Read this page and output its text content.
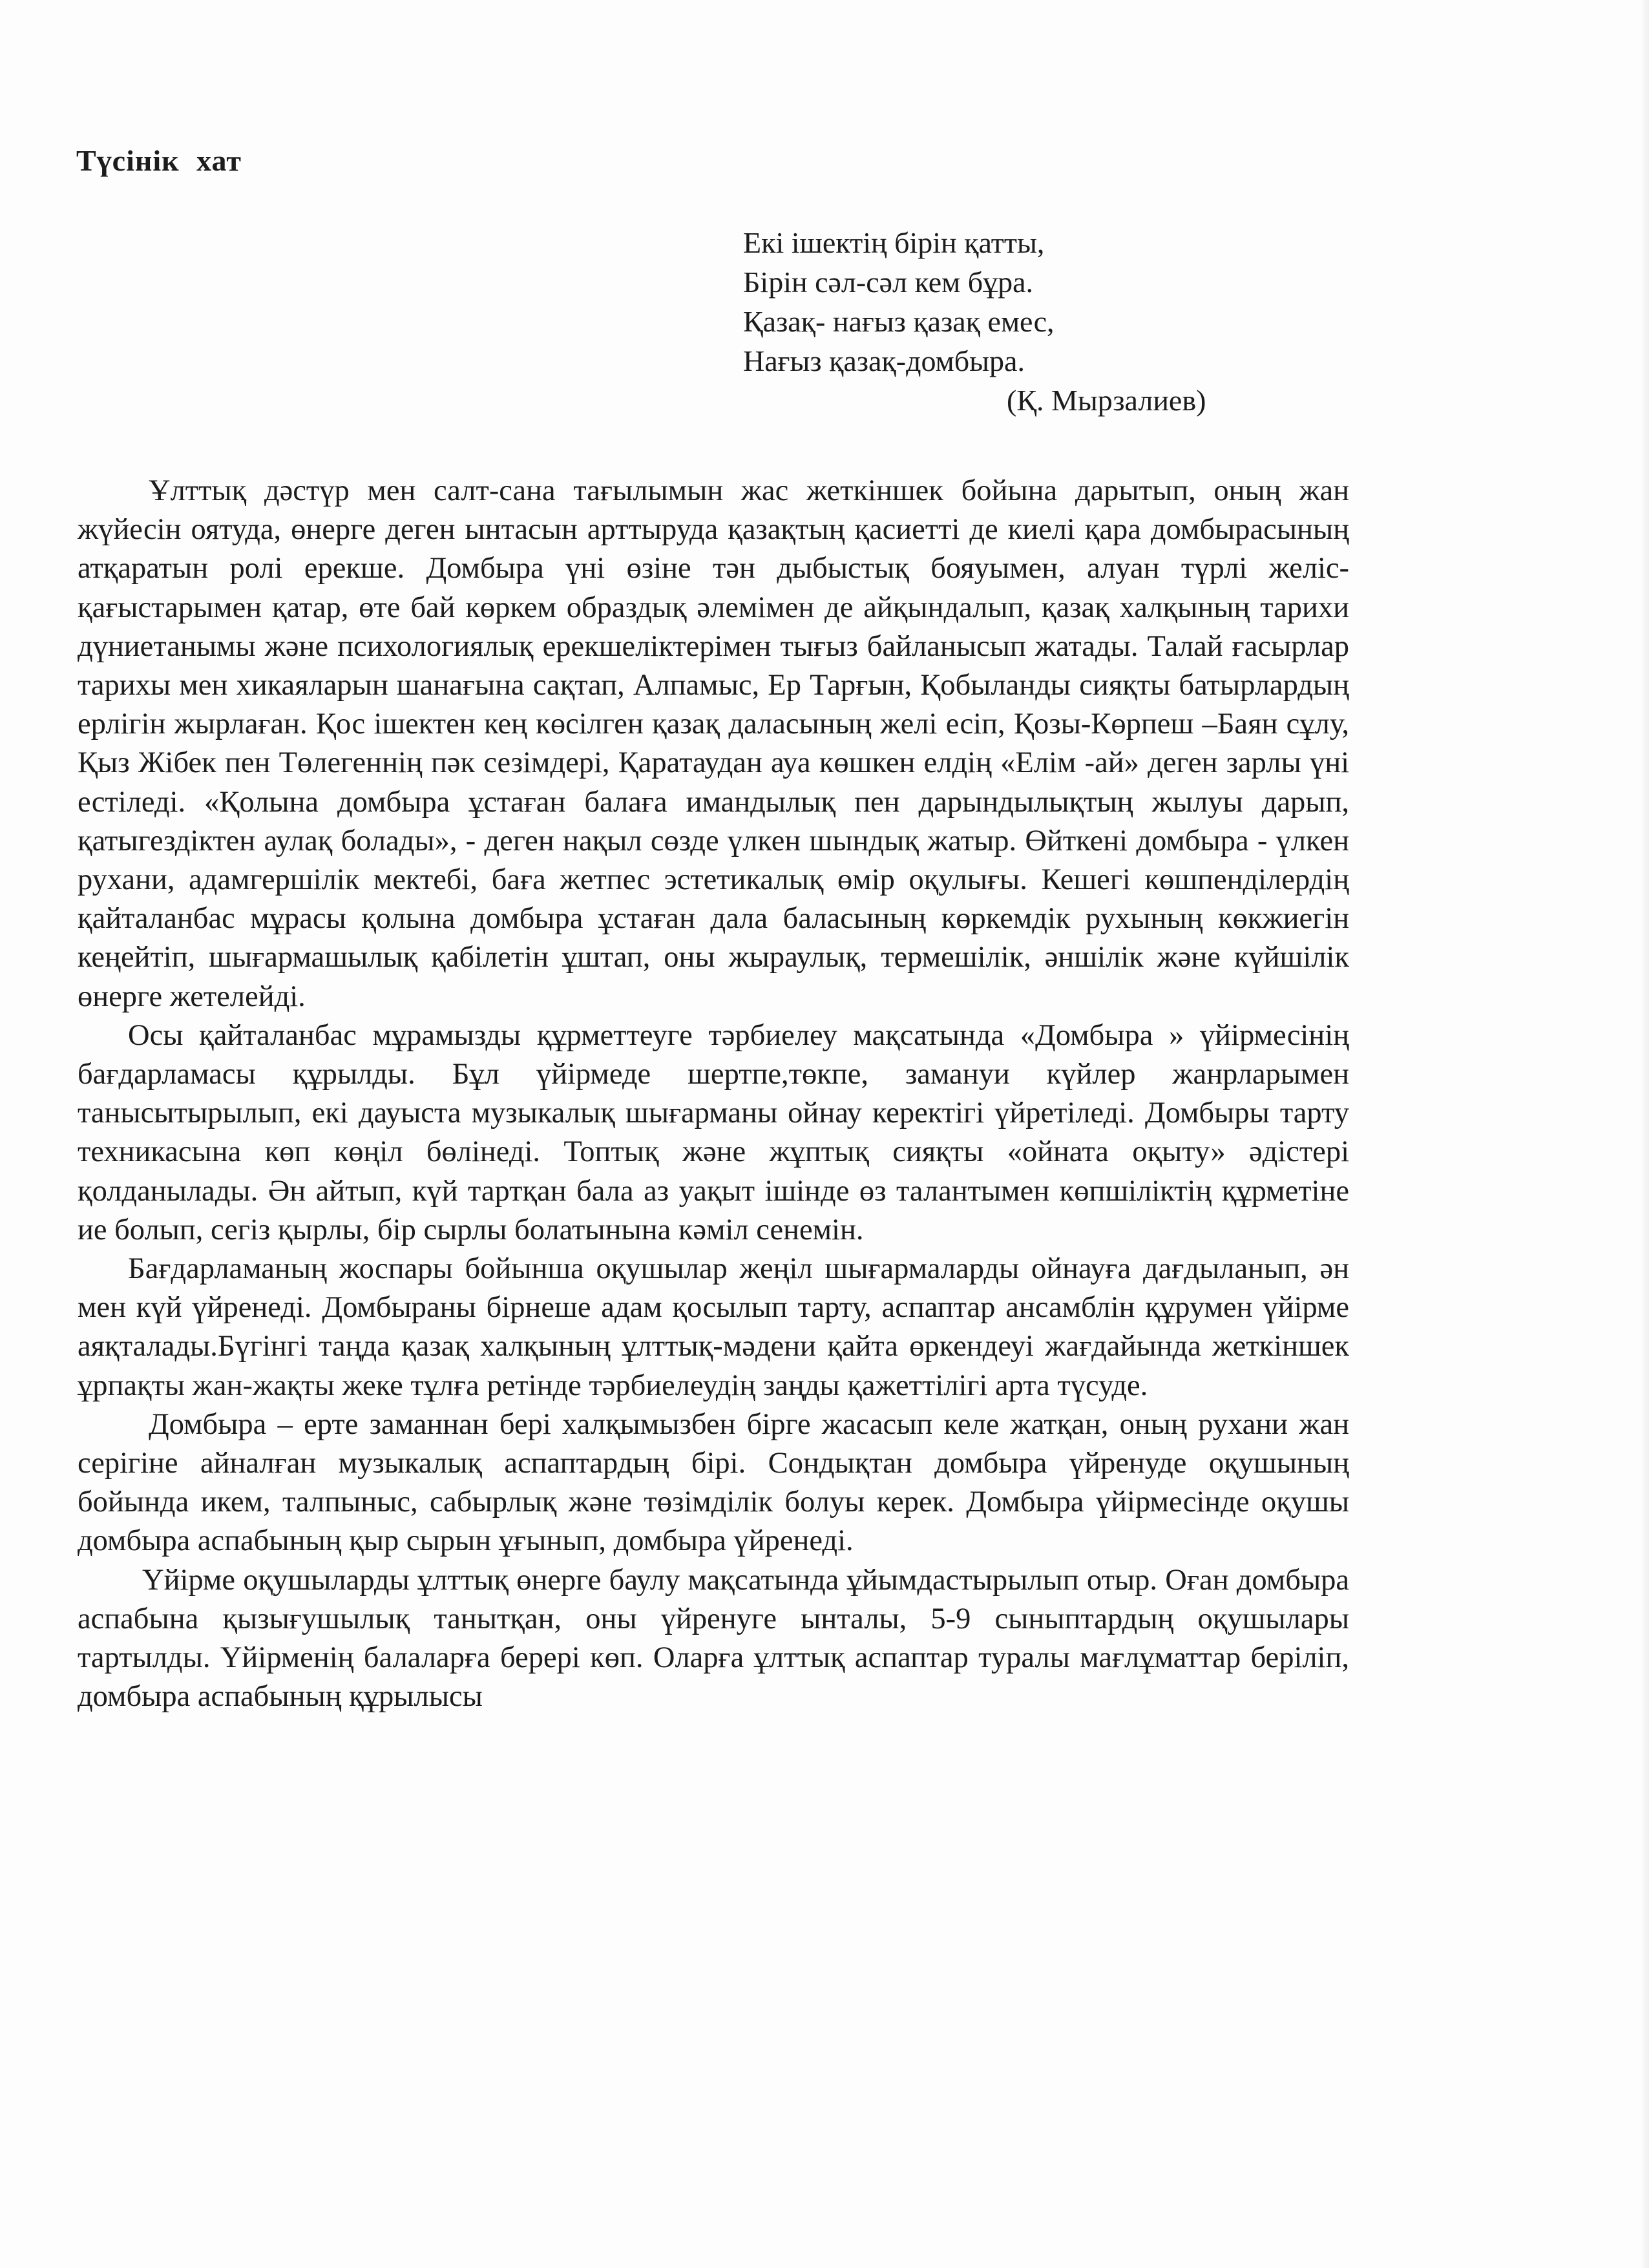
Түсінік хат
Екі ішектің бірін қатты,
Бірін сәл-сәл кем бұра.
Қазақ- нағыз қазақ емес,
Нағыз қазақ-домбыра.
(Қ. Мырзалиев)

Ұлттық дәстүр мен салт-сана тағылымын жас жеткіншек бойына дарытып, оның жан жүйесін оятуда, өнерге деген ынтасын арттыруда қазақтың қасиетті де киелі қара домбырасының атқаратын ролі ерекше. Домбыра үні өзіне тән дыбыстық бояуымен, алуан түрлі желіс-қағыстарымен қатар, өте бай көркем образдық әлемімен де айқындалып, қазақ халқының тарихи дүниетанымы және психологиялық ерекшеліктерімен тығыз байланысып жатады. Талай ғасырлар тарихы мен хикаяларын шанағына сақтап, Алпамыс, Ер Тарғын, Қобыланды сияқты батырлардың ерлігін жырлаған. Қос ішектен кең көсілген қазақ даласының желі есіп, Қозы-Көрпеш –Баян сұлу, Қыз Жібек пен Төлегеннің пәк сезімдері, Қаратаудан ауа көшкен елдің «Елім -ай» деген зарлы үні естіледі. «Қолына домбыра ұстаған балаға имандылық пен дарындылықтың жылуы дарып, қатыгездіктен аулақ болады», - деген нақыл сөзде үлкен шындық жатыр. Өйткені домбыра - үлкен рухани, адамгершілік мектебі, баға жетпес эстетикалық өмір оқулығы. Кешегі көшпенділердің қайталанбас мұрасы қолына домбыра ұстаған дала баласының көркемдік рухының көкжиегін кеңейтіп, шығармашылық қабілетін ұштап, оны жыраулық, термешілік, әншілік және күйшілік өнерге жетелейді.

Осы қайталанбас мұрамызды құрметтеуге тәрбиелеу мақсатында «Домбыра » үйірмесінің бағдарламасы құрылды. Бұл үйірмеде шертпе,төкпе, замануи күйлер жанрларымен танысытырылып, екі дауыста музыкалық шығарманы ойнау керектігі үйретіледі. Домбыры тарту техникасына көп көңіл бөлінеді. Топтық және жұптық сияқты «ойната оқыту» әдістері қолданылады. Ән айтып, күй тартқан бала аз уақыт ішінде өз талантымен көпшіліктің құрметіне ие болып, сегіз қырлы, бір сырлы болатынына кәміл сенемін.

Бағдарламаның жоспары бойынша оқушылар жеңіл шығармаларды ойнауға дағдыланып, ән мен күй үйренеді. Домбыраны бірнеше адам қосылып тарту, аспаптар ансамблін құрумен үйірме аяқталады.Бүгінгі таңда қазақ халқының ұлттық-мәдени қайта өркендеуі жағдайында жеткіншек ұрпақты жан-жақты жеке тұлға ретінде тәрбиелеудің заңды қажеттілігі арта түсуде.

Домбыра – ерте заманнан бері халқымызбен бірге жасасып келе жатқан, оның рухани жан серігіне айналған музыкалық аспаптардың бірі. Сондықтан домбыра үйренуде оқушының бойында икем, талпыныс, сабырлық және төзімділік болуы керек. Домбыра үйірмесінде оқушы домбыра аспабының қыр сырын ұғынып, домбыра үйренеді.

Үйірме оқушыларды ұлттық өнерге баулу мақсатында ұйымдастырылып отыр. Оған домбыра аспабына қызығушылық танытқан, оны үйренуге ынталы, 5-9 сыныптардың оқушылары тартылды. Үйірменің балаларға берері көп. Оларға ұлттық аспаптар туралы мағлұматтар беріліп, домбыра аспабының құрылысы
